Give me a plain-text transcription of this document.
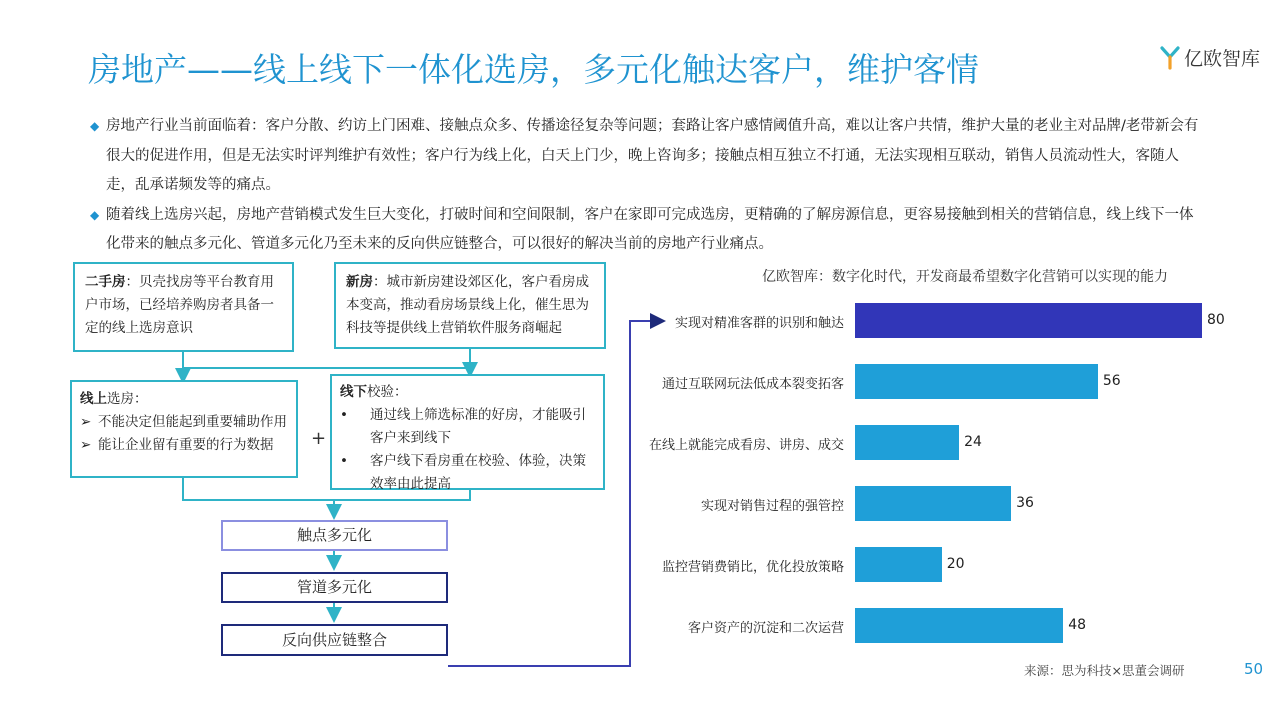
房地产——线上线下一体化选房，多元化触达客户，维护客情	亿欧智库
◆ 房地产行业当前面临着：客户分散、约访上门困难、接触点众多、传播途径复杂等问题；套路让客户感情阈值升高，难以让客户共情，维护大量的老业主对品牌/老带新会有很大的促进作用，但是无法实时评判维护有效性；客户行为线上化，白天上门少，晚上咨询多；接触点相互独立不打通，无法实现相互联动，销售人员流动性大，客随人走，乱承诺频发等的痛点。
◆ 随着线上选房兴起，房地产营销模式发生巨大变化，打破时间和空间限制，客户在家即可完成选房，更精确的了解房源信息，更容易接触到相关的营销信息，线上线下一体化带来的触点多元化、管道多元化乃至未来的反向供应链整合，可以很好的解决当前的房地产行业痛点。
二手房：贝壳找房等平台教育用户市场，已经培养购房者具备一定的线上选房意识
新房：城市新房建设郊区化，客户看房成本变高，推动看房场景线上化，催生思为科技等提供线上营销软件服务商崛起
线上选房：
➢ 不能决定但能起到重要辅助作用
➢ 能让企业留有重要的行为数据 +
线下校验：
•	通过线上筛选标准的好房，才能吸引客户来到线下
•	客户线下看房重在校验、体验，决策效率由此提高
触点多元化
管道多元化
反向供应链整合
亿欧智库：数字化时代，开发商最希望数字化营销可以实现的能力
实现对精准客群的识别和触达	80
通过互联网玩法低成本裂变拓客	56
在线上就能完成看房、讲房、成交	24
实现对销售过程的强管控	36
监控营销费销比，优化投放策略	20
客户资产的沉淀和二次运营	48
来源：思为科技×思董会调研	50
